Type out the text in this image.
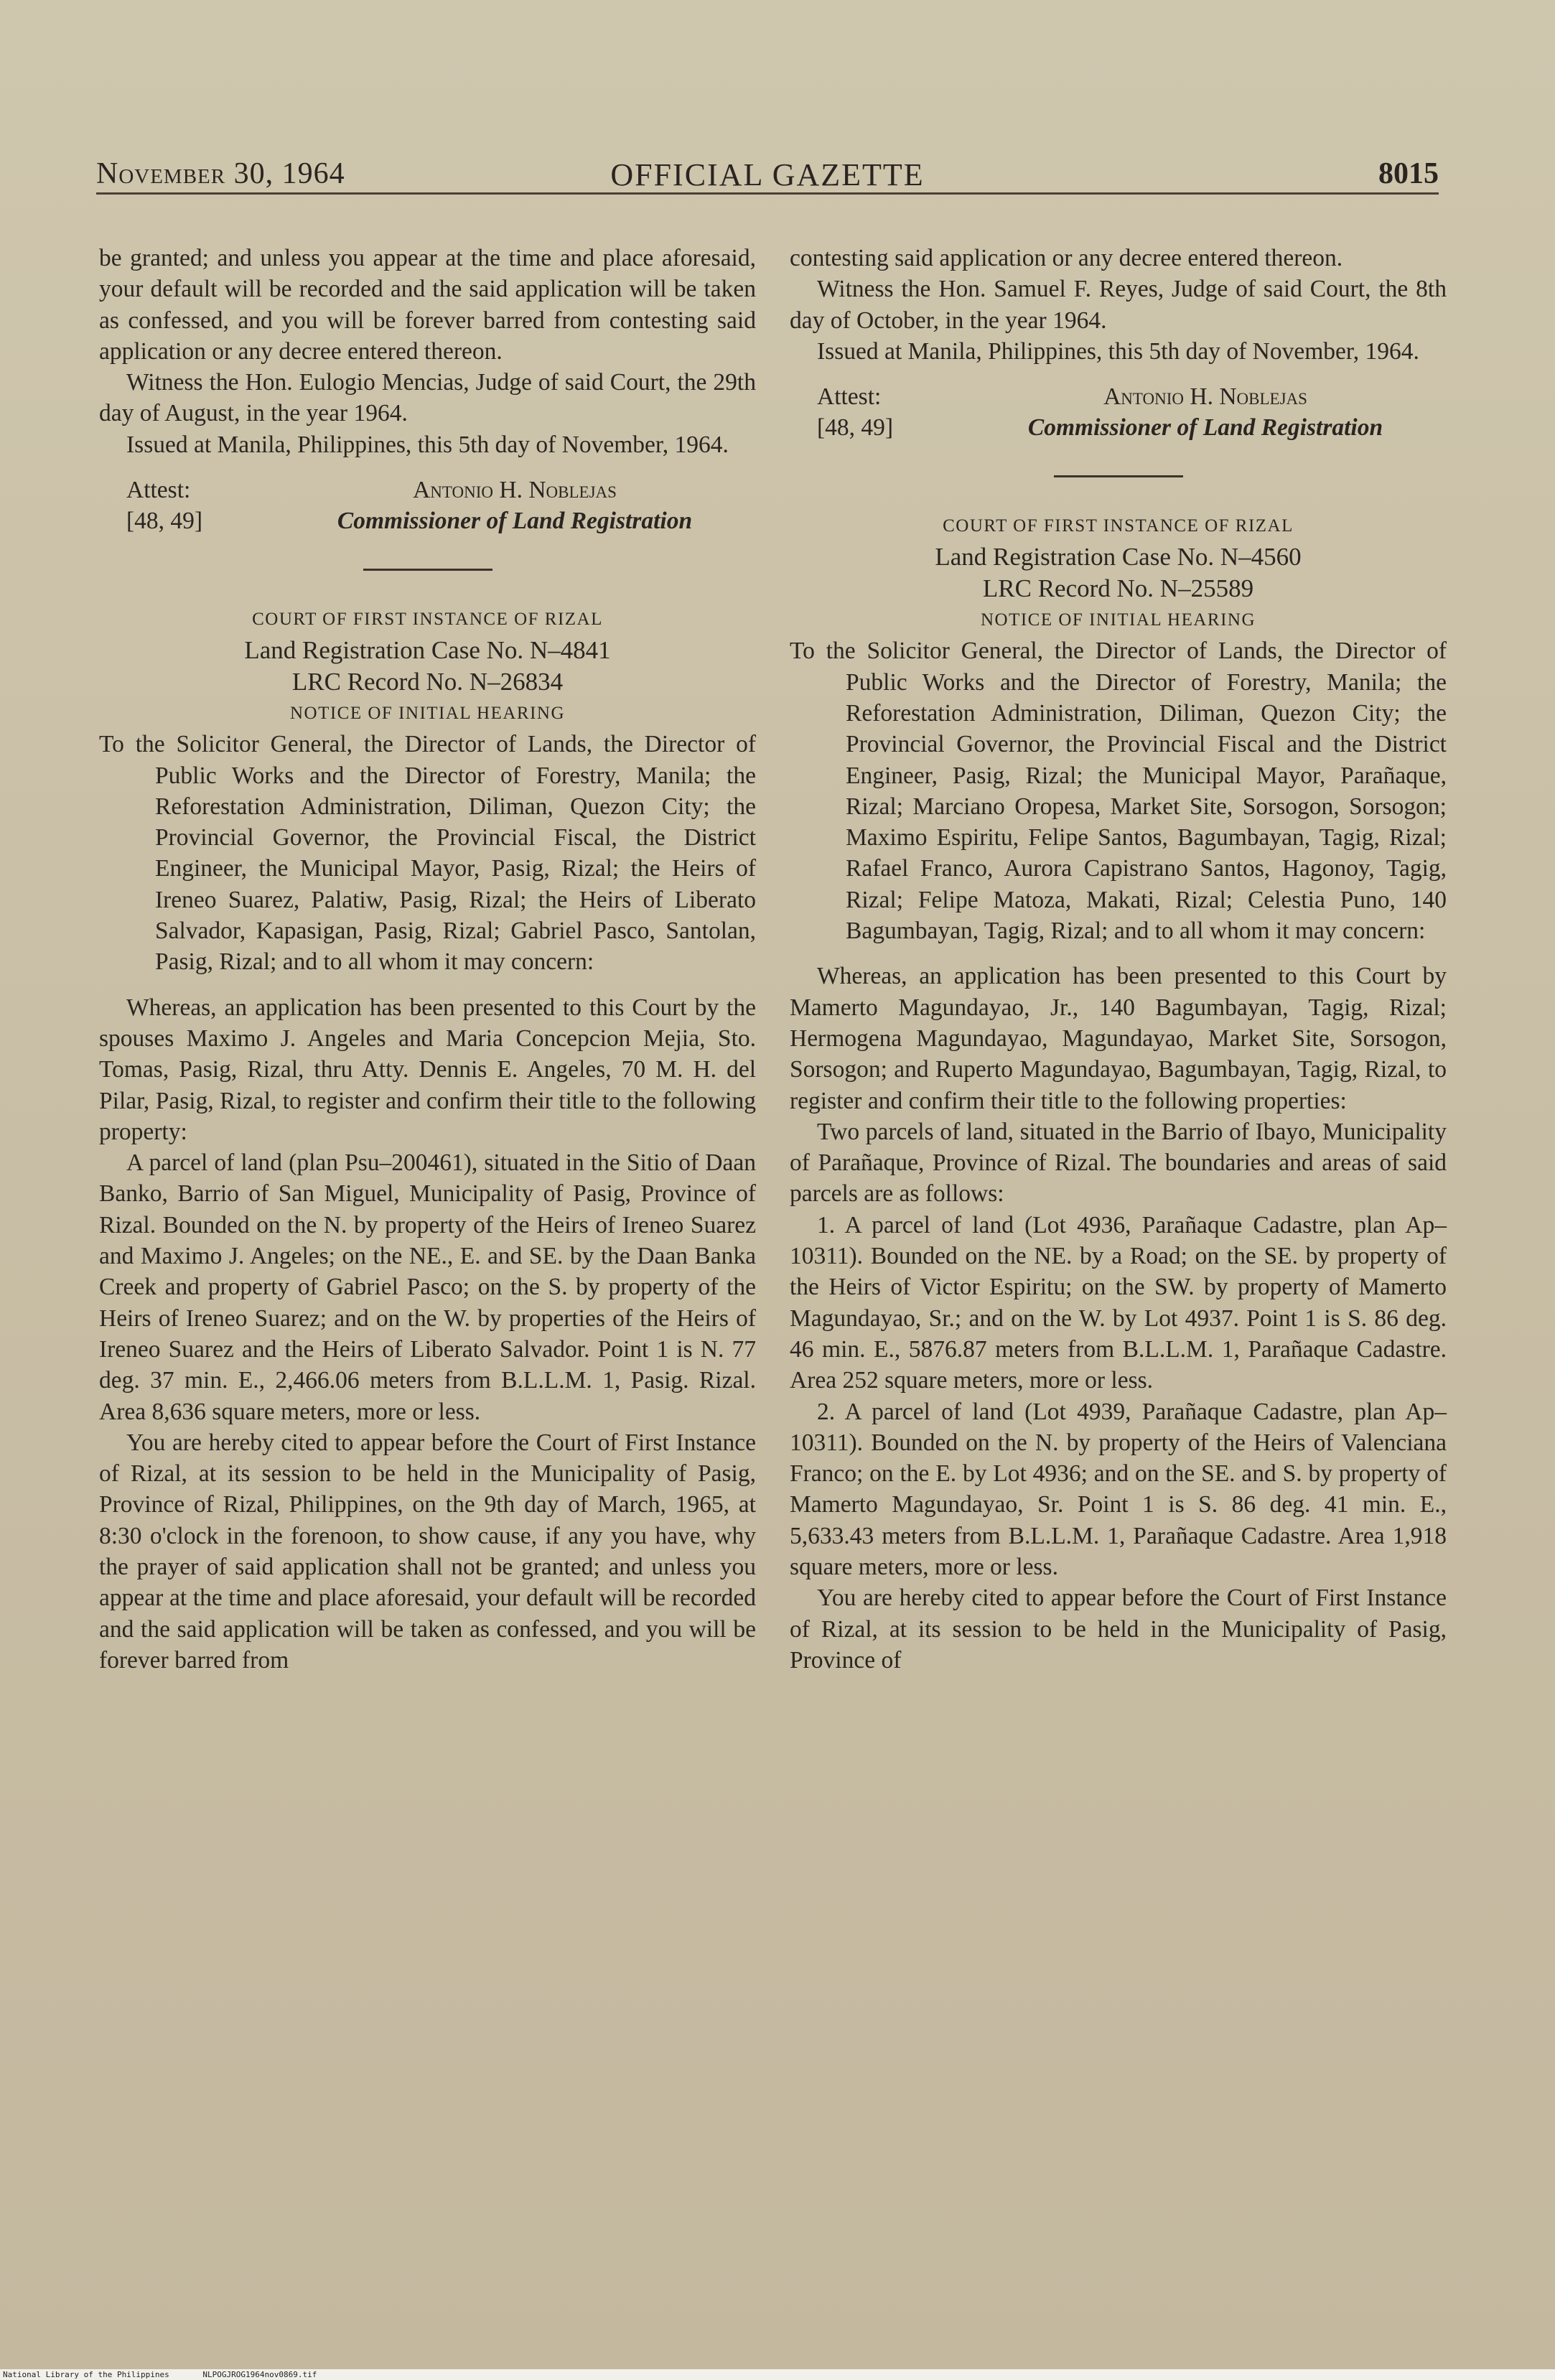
OFFICIAL GAZETTE
November 30, 1964	8015

be granted; and unless you appear at the time and place aforesaid, your default will be recorded and the said application will be taken as confessed, and you will be forever barred from contesting said application or any decree entered thereon.

Witness the Hon. Eulogio Mencias, Judge of said Court, the 29th day of August, in the year 1964.

Issued at Manila, Philippines, this 5th day of November, 1964.

Attest:	Antonio H. Noblejas
[48, 49]	Commissioner of Land Registration

COURT OF FIRST INSTANCE OF RIZAL

Land Registration Case No. N–4841

LRC Record No. N–26834

NOTICE OF INITIAL HEARING

To the Solicitor General, the Director of Lands, the Director of Public Works and the Director of Forestry, Manila; the Reforestation Administration, Diliman, Quezon City; the Provincial Governor, the Provincial Fiscal, the District Engineer, the Municipal Mayor, Pasig, Rizal; the Heirs of Ireneo Suarez, Palatiw, Pasig, Rizal; the Heirs of Liberato Salvador, Kapasigan, Pasig, Rizal; Gabriel Pasco, Santolan, Pasig, Rizal; and to all whom it may concern:

Whereas, an application has been presented to this Court by the spouses Maximo J. Angeles and Maria Concepcion Mejia, Sto. Tomas, Pasig, Rizal, thru Atty. Dennis E. Angeles, 70 M. H. del Pilar, Pasig, Rizal, to register and confirm their title to the following property:

A parcel of land (plan Psu–200461), situated in the Sitio of Daan Banko, Barrio of San Miguel, Municipality of Pasig, Province of Rizal. Bounded on the N. by property of the Heirs of Ireneo Suarez and Maximo J. Angeles; on the NE., E. and SE. by the Daan Banka Creek and property of Gabriel Pasco; on the S. by property of the Heirs of Ireneo Suarez; and on the W. by properties of the Heirs of Ireneo Suarez and the Heirs of Liberato Salvador. Point 1 is N. 77 deg. 37 min. E., 2,466.06 meters from B.L.L.M. 1, Pasig. Rizal. Area 8,636 square meters, more or less.

You are hereby cited to appear before the Court of First Instance of Rizal, at its session to be held in the Municipality of Pasig, Province of Rizal, Philippines, on the 9th day of March, 1965, at 8:30 o'clock in the forenoon, to show cause, if any you have, why the prayer of said application shall not be granted; and unless you appear at the time and place aforesaid, your default will be recorded and the said application will be taken as confessed, and you will be forever barred from

contesting said application or any decree entered thereon.

Witness the Hon. Samuel F. Reyes, Judge of said Court, the 8th day of October, in the year 1964.

Issued at Manila, Philippines, this 5th day of November, 1964.

Attest:	Antonio H. Noblejas
[48, 49]	Commissioner of Land Registration

COURT OF FIRST INSTANCE OF RIZAL

Land Registration Case No. N–4560

LRC Record No. N–25589

NOTICE OF INITIAL HEARING

To the Solicitor General, the Director of Lands, the Director of Public Works and the Director of Forestry, Manila; the Reforestation Administration, Diliman, Quezon City; the Provincial Governor, the Provincial Fiscal and the District Engineer, Pasig, Rizal; the Municipal Mayor, Parañaque, Rizal; Marciano Oropesa, Market Site, Sorsogon, Sorsogon; Maximo Espiritu, Felipe Santos, Bagumbayan, Tagig, Rizal; Rafael Franco, Aurora Capistrano Santos, Hagonoy, Tagig, Rizal; Felipe Matoza, Makati, Rizal; Celestia Puno, 140 Bagumbayan, Tagig, Rizal; and to all whom it may concern:

Whereas, an application has been presented to this Court by Mamerto Magundayao, Jr., 140 Bagumbayan, Tagig, Rizal; Hermogena Magundayao, Magundayao, Market Site, Sorsogon, Sorsogon; and Ruperto Magundayao, Bagumbayan, Tagig, Rizal, to register and confirm their title to the following properties:

Two parcels of land, situated in the Barrio of Ibayo, Municipality of Parañaque, Province of Rizal. The boundaries and areas of said parcels are as follows:

1. A parcel of land (Lot 4936, Parañaque Cadastre, plan Ap–10311). Bounded on the NE. by a Road; on the SE. by property of the Heirs of Victor Espiritu; on the SW. by property of Mamerto Magundayao, Sr.; and on the W. by Lot 4937. Point 1 is S. 86 deg. 46 min. E., 5876.87 meters from B.L.L.M. 1, Parañaque Cadastre. Area 252 square meters, more or less.

2. A parcel of land (Lot 4939, Parañaque Cadastre, plan Ap–10311). Bounded on the N. by property of the Heirs of Valenciana Franco; on the E. by Lot 4936; and on the SE. and S. by property of Mamerto Magundayao, Sr. Point 1 is S. 86 deg. 41 min. E., 5,633.43 meters from B.L.L.M. 1, Parañaque Cadastre. Area 1,918 square meters, more or less.

You are hereby cited to appear before the Court of First Instance of Rizal, at its session to be held in the Municipality of Pasig, Province of

National Library of the Philippines	NLPOGJROG1964nov0869.tif
